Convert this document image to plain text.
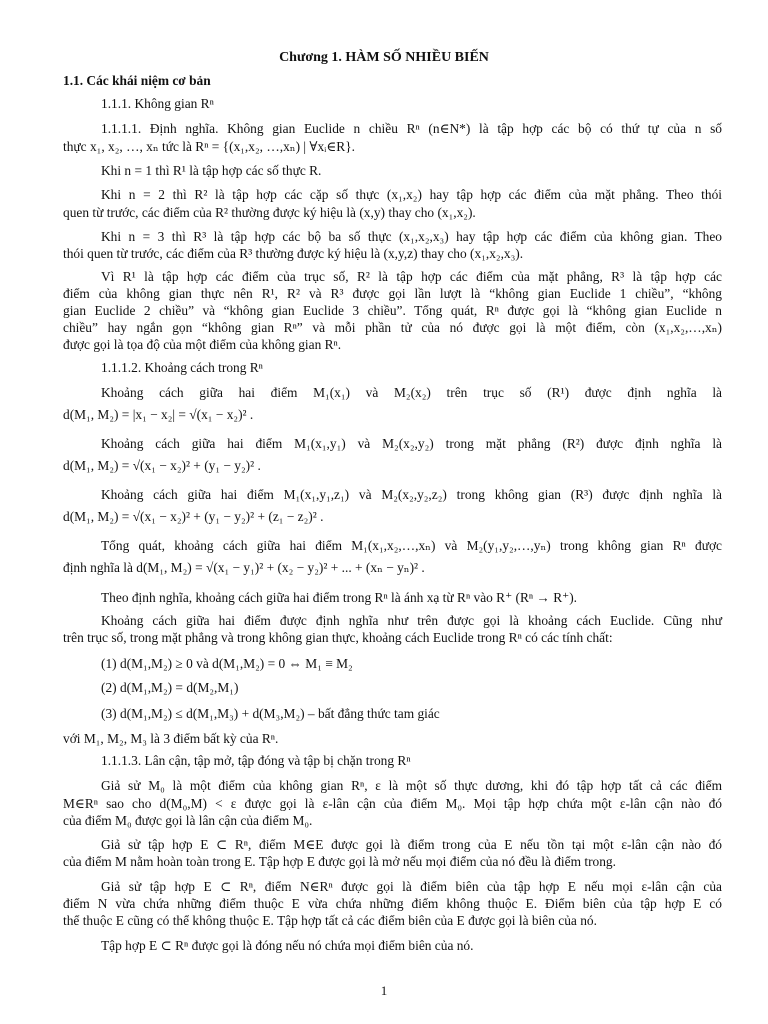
Chương 1. HÀM SỐ NHIỀU BIẾN
1.1. Các khái niệm cơ bản
1.1.1. Không gian Rⁿ
1.1.1.1. Định nghĩa. Không gian Euclide n chiều Rⁿ (n∈N*) là tập hợp các bộ có thứ tự của n số
thực x₁, x₂, …, xₙ tức là Rⁿ = {(x₁,x₂, …,xₙ) | ∀xᵢ∈R}.
Khi n = 1 thì R¹ là tập hợp các số thực R.
Khi n = 2 thì R² là tập hợp các cặp số thực (x₁,x₂) hay tập hợp các điểm của mặt phẳng. Theo thói
quen từ trước, các điểm của R² thường được ký hiệu là (x,y) thay cho (x₁,x₂).
Khi n = 3 thì R³ là tập hợp các bộ ba số thực (x₁,x₂,x₃) hay tập hợp các điểm của không gian. Theo
thói quen từ trước, các điểm của R³ thường được ký hiệu là (x,y,z) thay cho (x₁,x₂,x₃).
Vì R¹ là tập hợp các điểm của trục số, R² là tập hợp các điểm của mặt phẳng, R³ là tập hợp các
điểm của không gian thực nên R¹, R² và R³ được gọi lần lượt là “không gian Euclide 1 chiều”, “không
gian Euclide 2 chiều” và “không gian Euclide 3 chiều”. Tổng quát, Rⁿ được gọi là “không gian Euclide n
chiều” hay ngắn gọn “không gian Rⁿ” và mỗi phần tử của nó được gọi là một điểm, còn (x₁,x₂,…,xₙ)
được gọi là tọa độ của một điểm của không gian Rⁿ.
1.1.1.2. Khoảng cách trong Rⁿ
Khoảng cách giữa hai điểm M₁(x₁) và M₂(x₂) trên trục số (R¹) được định nghĩa là
d(M₁, M₂) = |x₁ − x₂| = √(x₁ − x₂)² .
Khoảng cách giữa hai điểm M₁(x₁,y₁) và M₂(x₂,y₂) trong mặt phẳng (R²) được định nghĩa là
d(M₁, M₂) = √(x₁ − x₂)² + (y₁ − y₂)² .
Khoảng cách giữa hai điểm M₁(x₁,y₁,z₁) và M₂(x₂,y₂,z₂) trong không gian (R³) được định nghĩa là
d(M₁, M₂) = √(x₁ − x₂)² + (y₁ − y₂)² + (z₁ − z₂)² .
Tổng quát, khoảng cách giữa hai điểm M₁(x₁,x₂,…,xₙ) và M₂(y₁,y₂,…,yₙ) trong không gian Rⁿ được
định nghĩa là d(M₁, M₂) = √(x₁ − y₁)² + (x₂ − y₂)² + ... + (xₙ − yₙ)² .
Theo định nghĩa, khoảng cách giữa hai điểm trong Rⁿ là ánh xạ từ Rⁿ vào R⁺ (Rⁿ → R⁺).
Khoảng cách giữa hai điểm được định nghĩa như trên được gọi là khoảng cách Euclide. Cũng như
trên trục số, trong mặt phẳng và trong không gian thực, khoảng cách Euclide trong Rⁿ có các tính chất:
(1) d(M₁,M₂) ≥ 0 và d(M₁,M₂) = 0 ⇔ M₁ ≡ M₂
(2) d(M₁,M₂) = d(M₂,M₁)
(3) d(M₁,M₂) ≤ d(M₁,M₃) + d(M₃,M₂) – bất đẳng thức tam giác
với M₁, M₂, M₃ là 3 điểm bất kỳ của Rⁿ.
1.1.1.3. Lân cận, tập mở, tập đóng và tập bị chặn trong Rⁿ
Giả sử M₀ là một điểm của không gian Rⁿ, ε là một số thực dương, khi đó tập hợp tất cả các điểm
M∈Rⁿ sao cho d(M₀,M) < ε được gọi là ε-lân cận của điểm M₀. Mọi tập hợp chứa một ε-lân cận nào đó
của điểm M₀ được gọi là lân cận của điểm M₀.
Giả sử tập hợp E ⊂ Rⁿ, điểm M∈E được gọi là điểm trong của E nếu tồn tại một ε-lân cận nào đó
của điểm M nằm hoàn toàn trong E. Tập hợp E được gọi là mở nếu mọi điểm của nó đều là điểm trong.
Giả sử tập hợp E ⊂ Rⁿ, điểm N∈Rⁿ được gọi là điểm biên của tập hợp E nếu mọi ε-lân cận của
điểm N vừa chứa những điểm thuộc E vừa chứa những điểm không thuộc E. Điểm biên của tập hợp E có
thể thuộc E cũng có thể không thuộc E. Tập hợp tất cả các điểm biên của E được gọi là biên của nó.
Tập hợp E ⊂ Rⁿ được gọi là đóng nếu nó chứa mọi điểm biên của nó.
1
